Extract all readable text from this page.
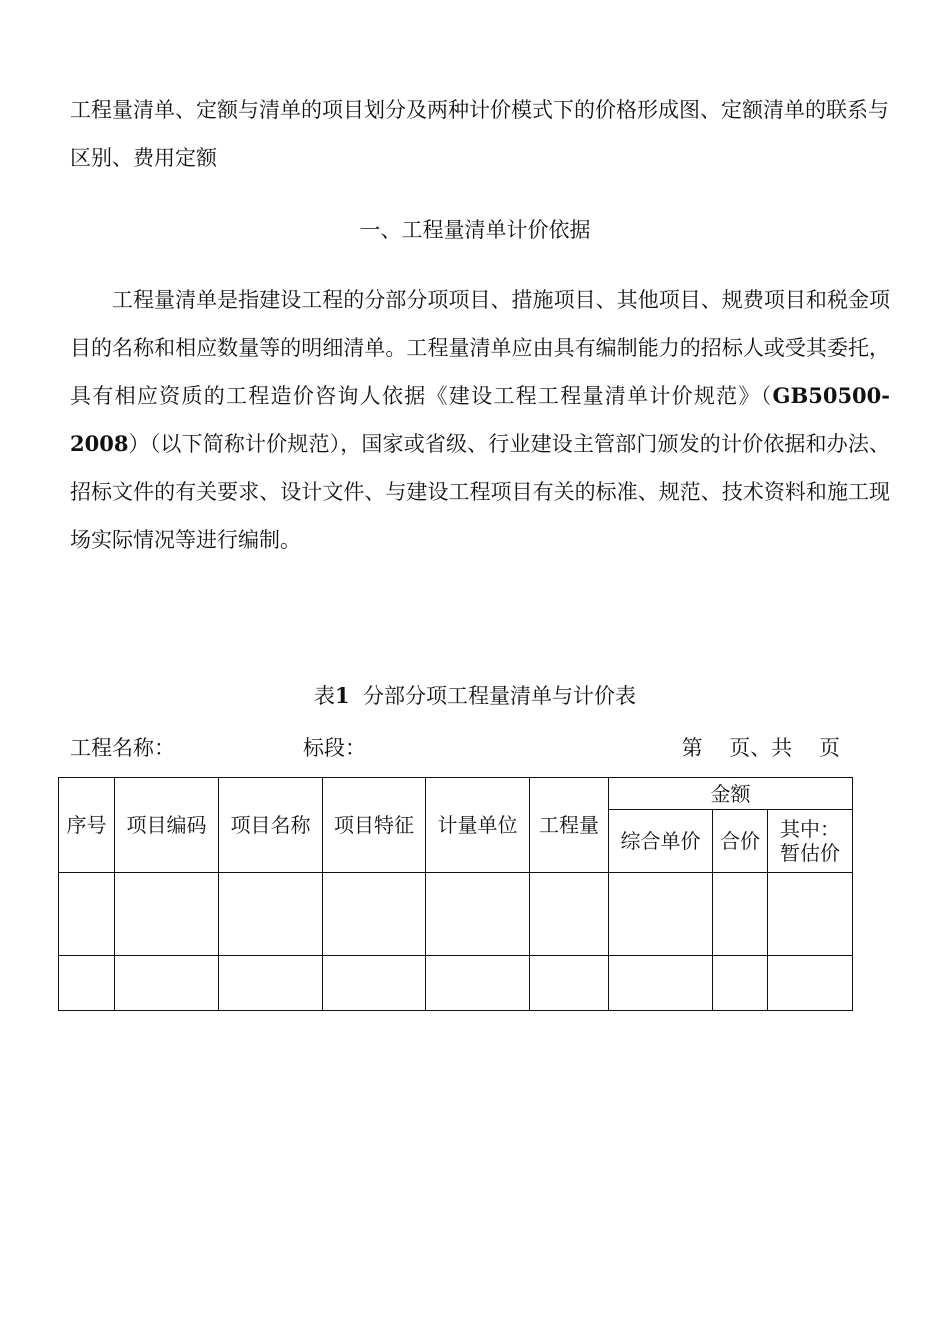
工程量清单、定额与清单的项目划分及两种计价模式下的价格形成图、定额清单的联系与区别、费用定额

一、工程量清单计价依据

工程量清单是指建设工程的分部分项项目、措施项目、其他项目、规费项目和税金项目的名称和相应数量等的明细清单。工程量清单应由具有编制能力的招标人或受其委托，具有相应资质的工程造价咨询人依据《建设工程工程量清单计价规范》（GB50500-2008）（以下简称计价规范），国家或省级、行业建设主管部门颁发的计价依据和办法、招标文件的有关要求、设计文件、与建设工程项目有关的标准、规范、技术资料和施工现场实际情况等进行编制。

表1 分部分项工程量清单与计价表

工程名称：	标段：	第    页、共    页
序号	项目编码	项目名称	项目特征	计量单位	工程量	金额		
						综合单价	合价	其中：
暂估价
